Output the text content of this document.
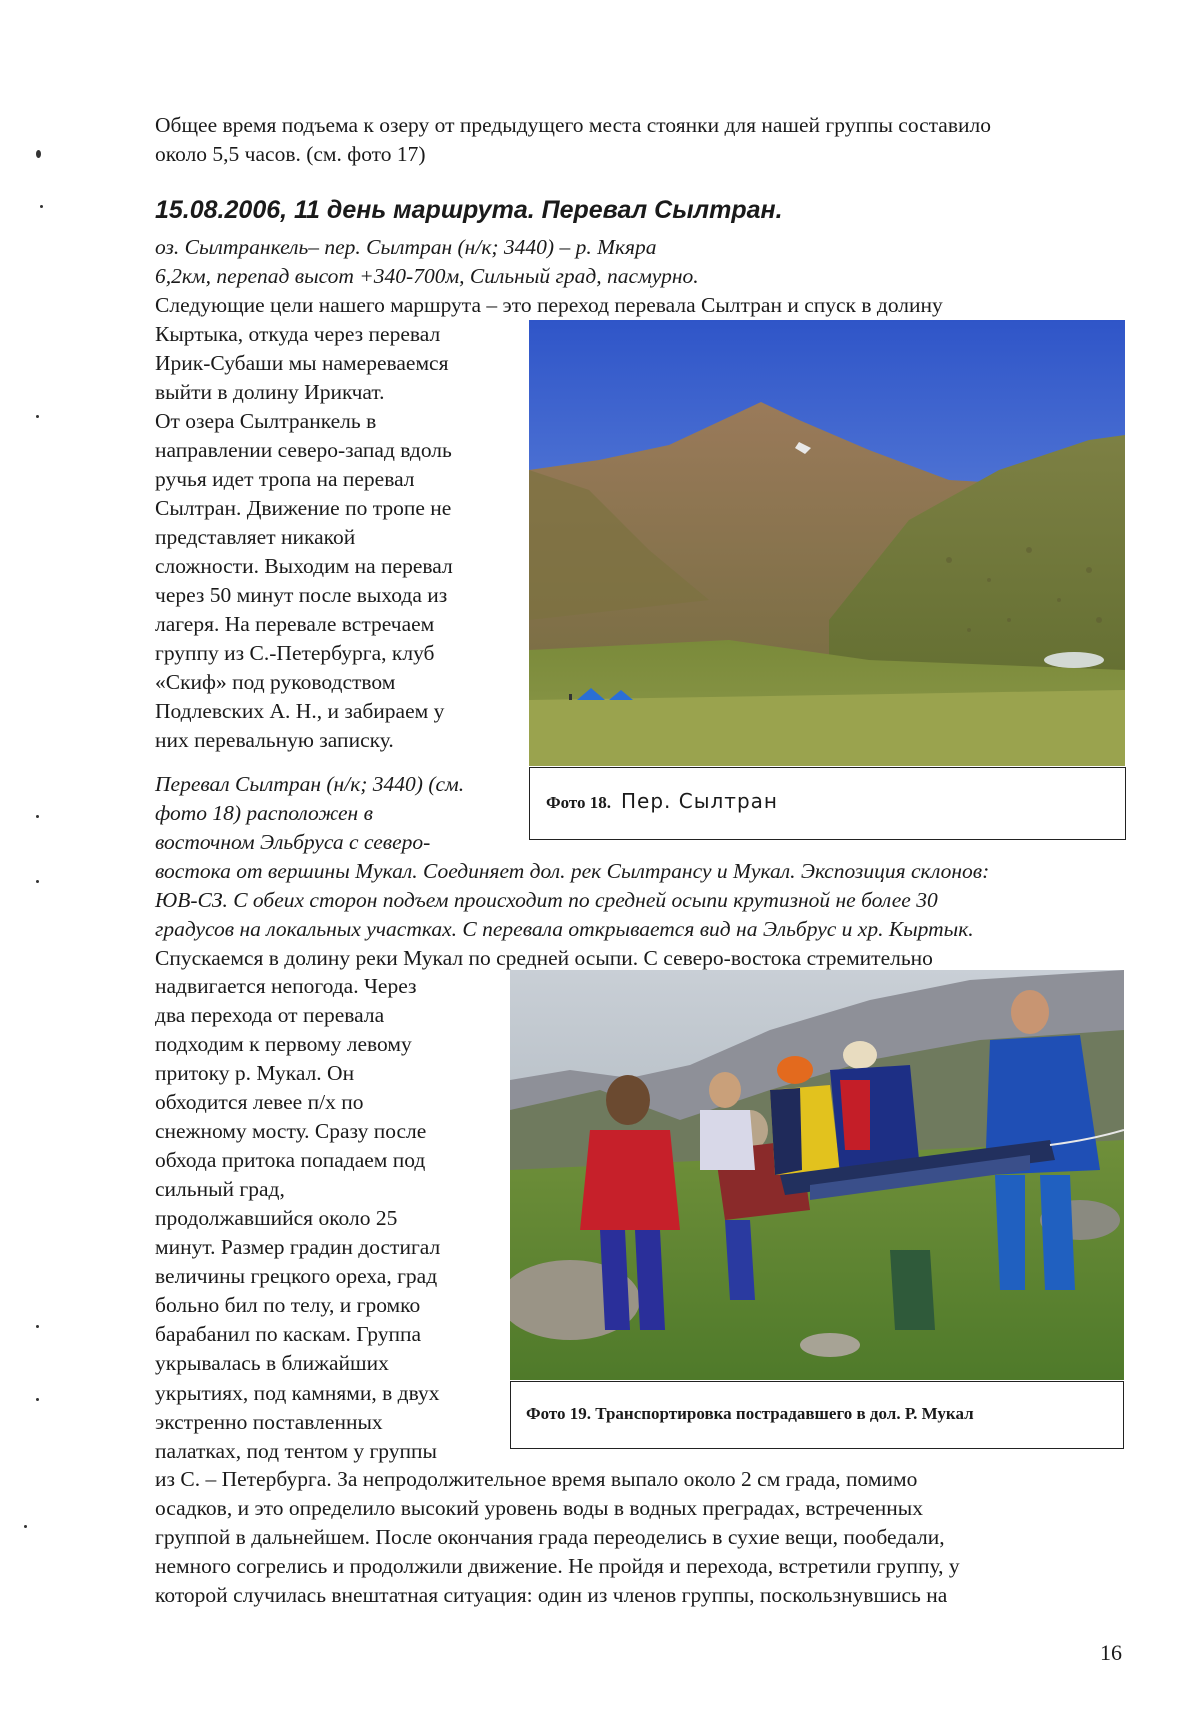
Общее время подъема к озеру от предыдущего места стоянки для нашей группы составило
около 5,5 часов. (см. фото 17)
15.08.2006, 11 день маршрута. Перевал Сылтран.
оз. Сылтранкель– пер. Сылтран (н/к; 3440) – р. Мкяра
6,2км, перепад высот +340-700м, Сильный град, пасмурно.
Следующие цели нашего маршрута – это переход перевала Сылтран и спуск в долину
Кыртыка, откуда через перевал
Ирик-Субаши мы намереваемся
выйти в долину Ирикчат.
От озера Сылтранкель в
направлении северо-запад вдоль
ручья идет тропа на перевал
Сылтран. Движение по тропе не
представляет никакой
сложности. Выходим на перевал
через 50 минут после выхода из
лагеря. На перевале встречаем
группу из С.-Петербурга, клуб
«Скиф» под руководством
Подлевских А. Н., и забираем у
них перевальную записку.
Фото 18. Пер. Сылтран
Перевал Сылтран (н/к; 3440) (см.
фото 18) расположен в
восточном Эльбруса с северо-
востока от вершины Мукал. Соединяет дол. рек Сылтрансу и Мукал. Экспозиция склонов:
ЮВ-СЗ. С обеих сторон подъем происходит по средней осыпи крутизной не более 30
градусов на локальных участках. С перевала открывается вид на Эльбрус и хр. Кыртык.
Спускаемся в долину реки Мукал по средней осыпи. С северо-востока стремительно
надвигается непогода. Через
два перехода от перевала
подходим к первому левому
притоку р. Мукал. Он
обходится левее п/х по
снежному мосту. Сразу после
обхода притока попадаем под
сильный град,
продолжавшийся около 25
минут. Размер градин достигал
величины грецкого ореха, град
больно бил по телу, и громко
барабанил по каскам. Группа
укрывалась в ближайших
укрытиях, под камнями, в двух
экстренно поставленных
палатках, под тентом у группы
Фото 19. Транспортировка пострадавшего в дол. Р. Мукал
из С. – Петербурга. За непродолжительное время выпало около 2 см града, помимо
осадков, и это определило высокий уровень воды в водных преградах, встреченных
группой в дальнейшем. После окончания града переоделись в сухие вещи, пообедали,
немного согрелись и продолжили движение. Не пройдя и перехода, встретили группу, у
которой случилась внештатная ситуация: один из членов группы, поскользнувшись на
16
